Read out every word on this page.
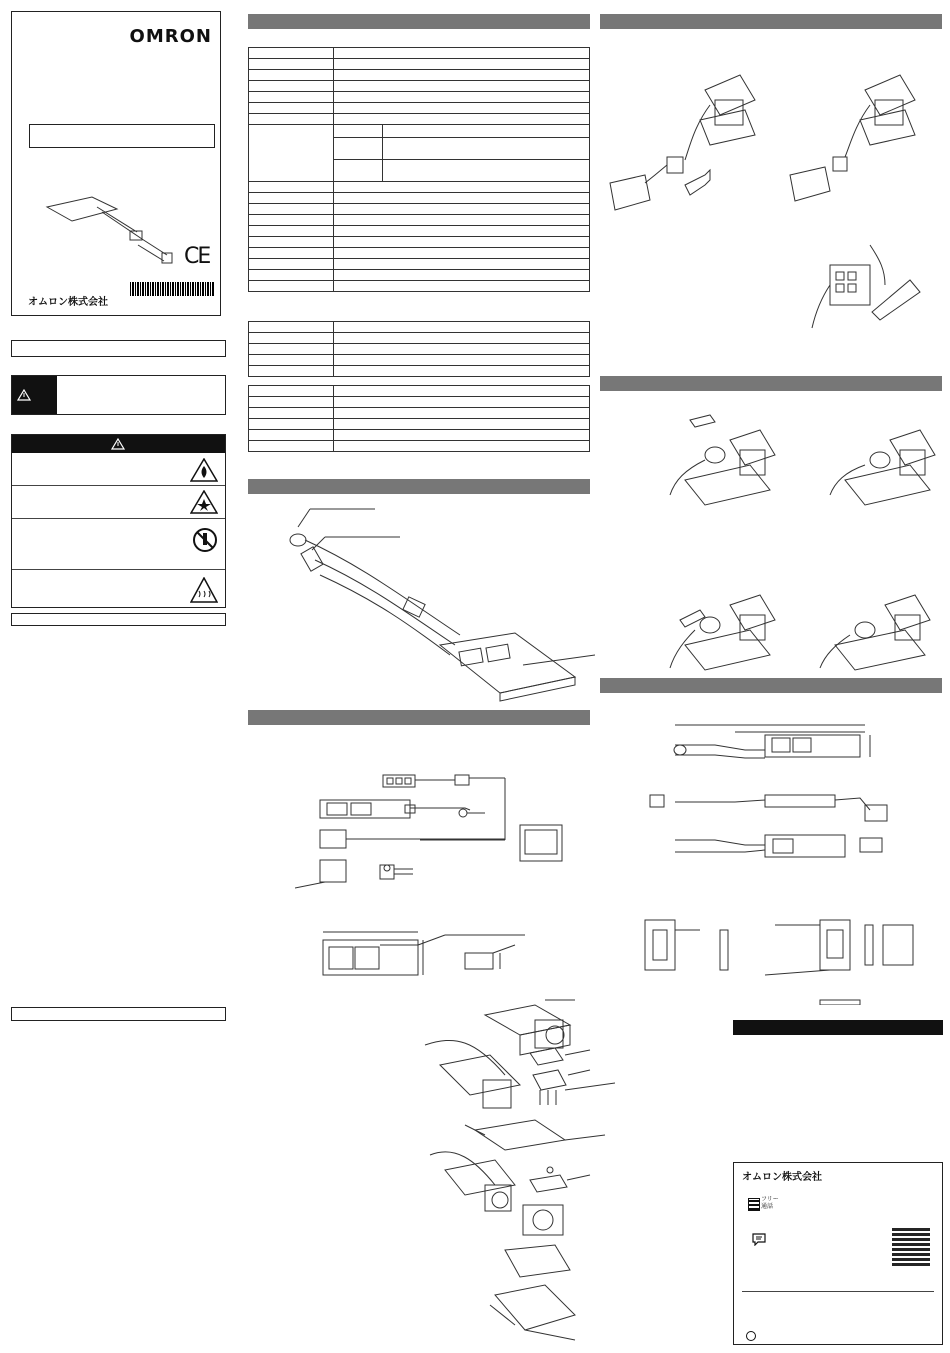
OMRON
CE
オムロン株式会社

オムロン株式会社
フリー
通話
